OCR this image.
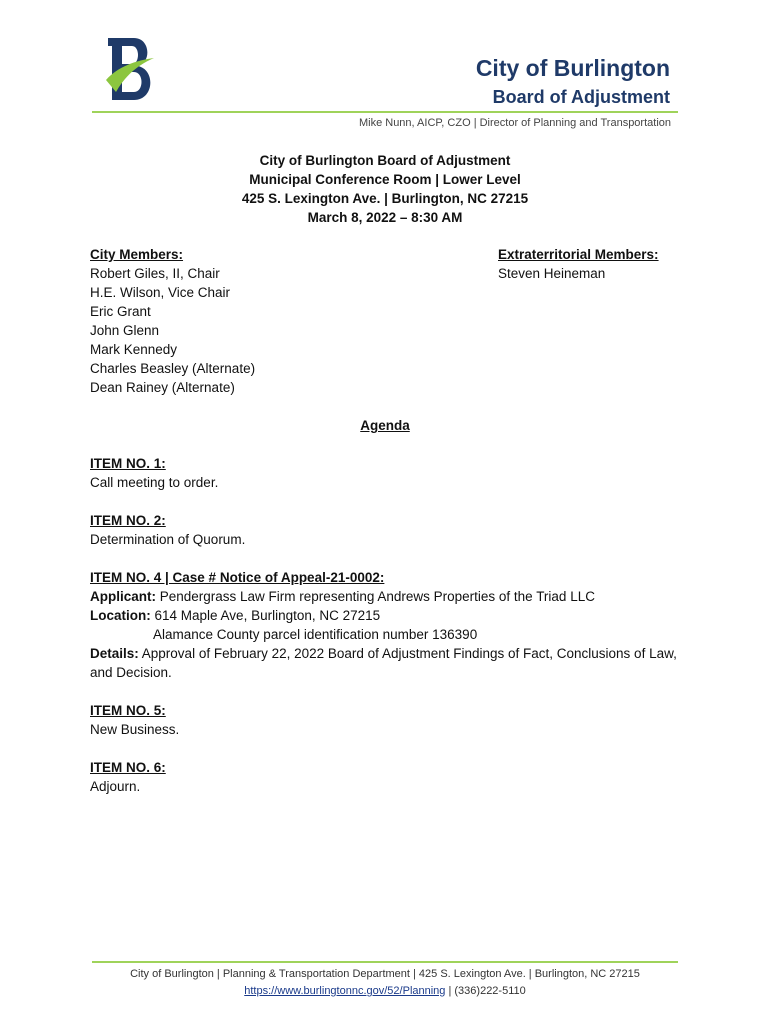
City of Burlington
Board of Adjustment
Mike Nunn, AICP, CZO | Director of Planning and Transportation
City of Burlington Board of Adjustment
Municipal Conference Room | Lower Level
425 S. Lexington Ave. | Burlington, NC 27215
March 8, 2022 – 8:30 AM
City Members:
Robert Giles, II, Chair
H.E. Wilson, Vice Chair
Eric Grant
John Glenn
Mark Kennedy
Charles Beasley (Alternate)
Dean Rainey (Alternate)
Extraterritorial Members:
Steven Heineman
Agenda
ITEM NO. 1:
Call meeting to order.
ITEM NO. 2:
Determination of Quorum.
ITEM NO. 4 | Case # Notice of Appeal-21-0002:
Applicant: Pendergrass Law Firm representing Andrews Properties of the Triad LLC
Location: 614 Maple Ave, Burlington, NC 27215
Alamance County parcel identification number 136390
Details: Approval of February 22, 2022 Board of Adjustment Findings of Fact, Conclusions of Law, and Decision.
ITEM NO. 5:
New Business.
ITEM NO. 6:
Adjourn.
City of Burlington | Planning & Transportation Department | 425 S. Lexington Ave. | Burlington, NC 27215
https://www.burlingtonnc.gov/52/Planning | (336)222-5110
